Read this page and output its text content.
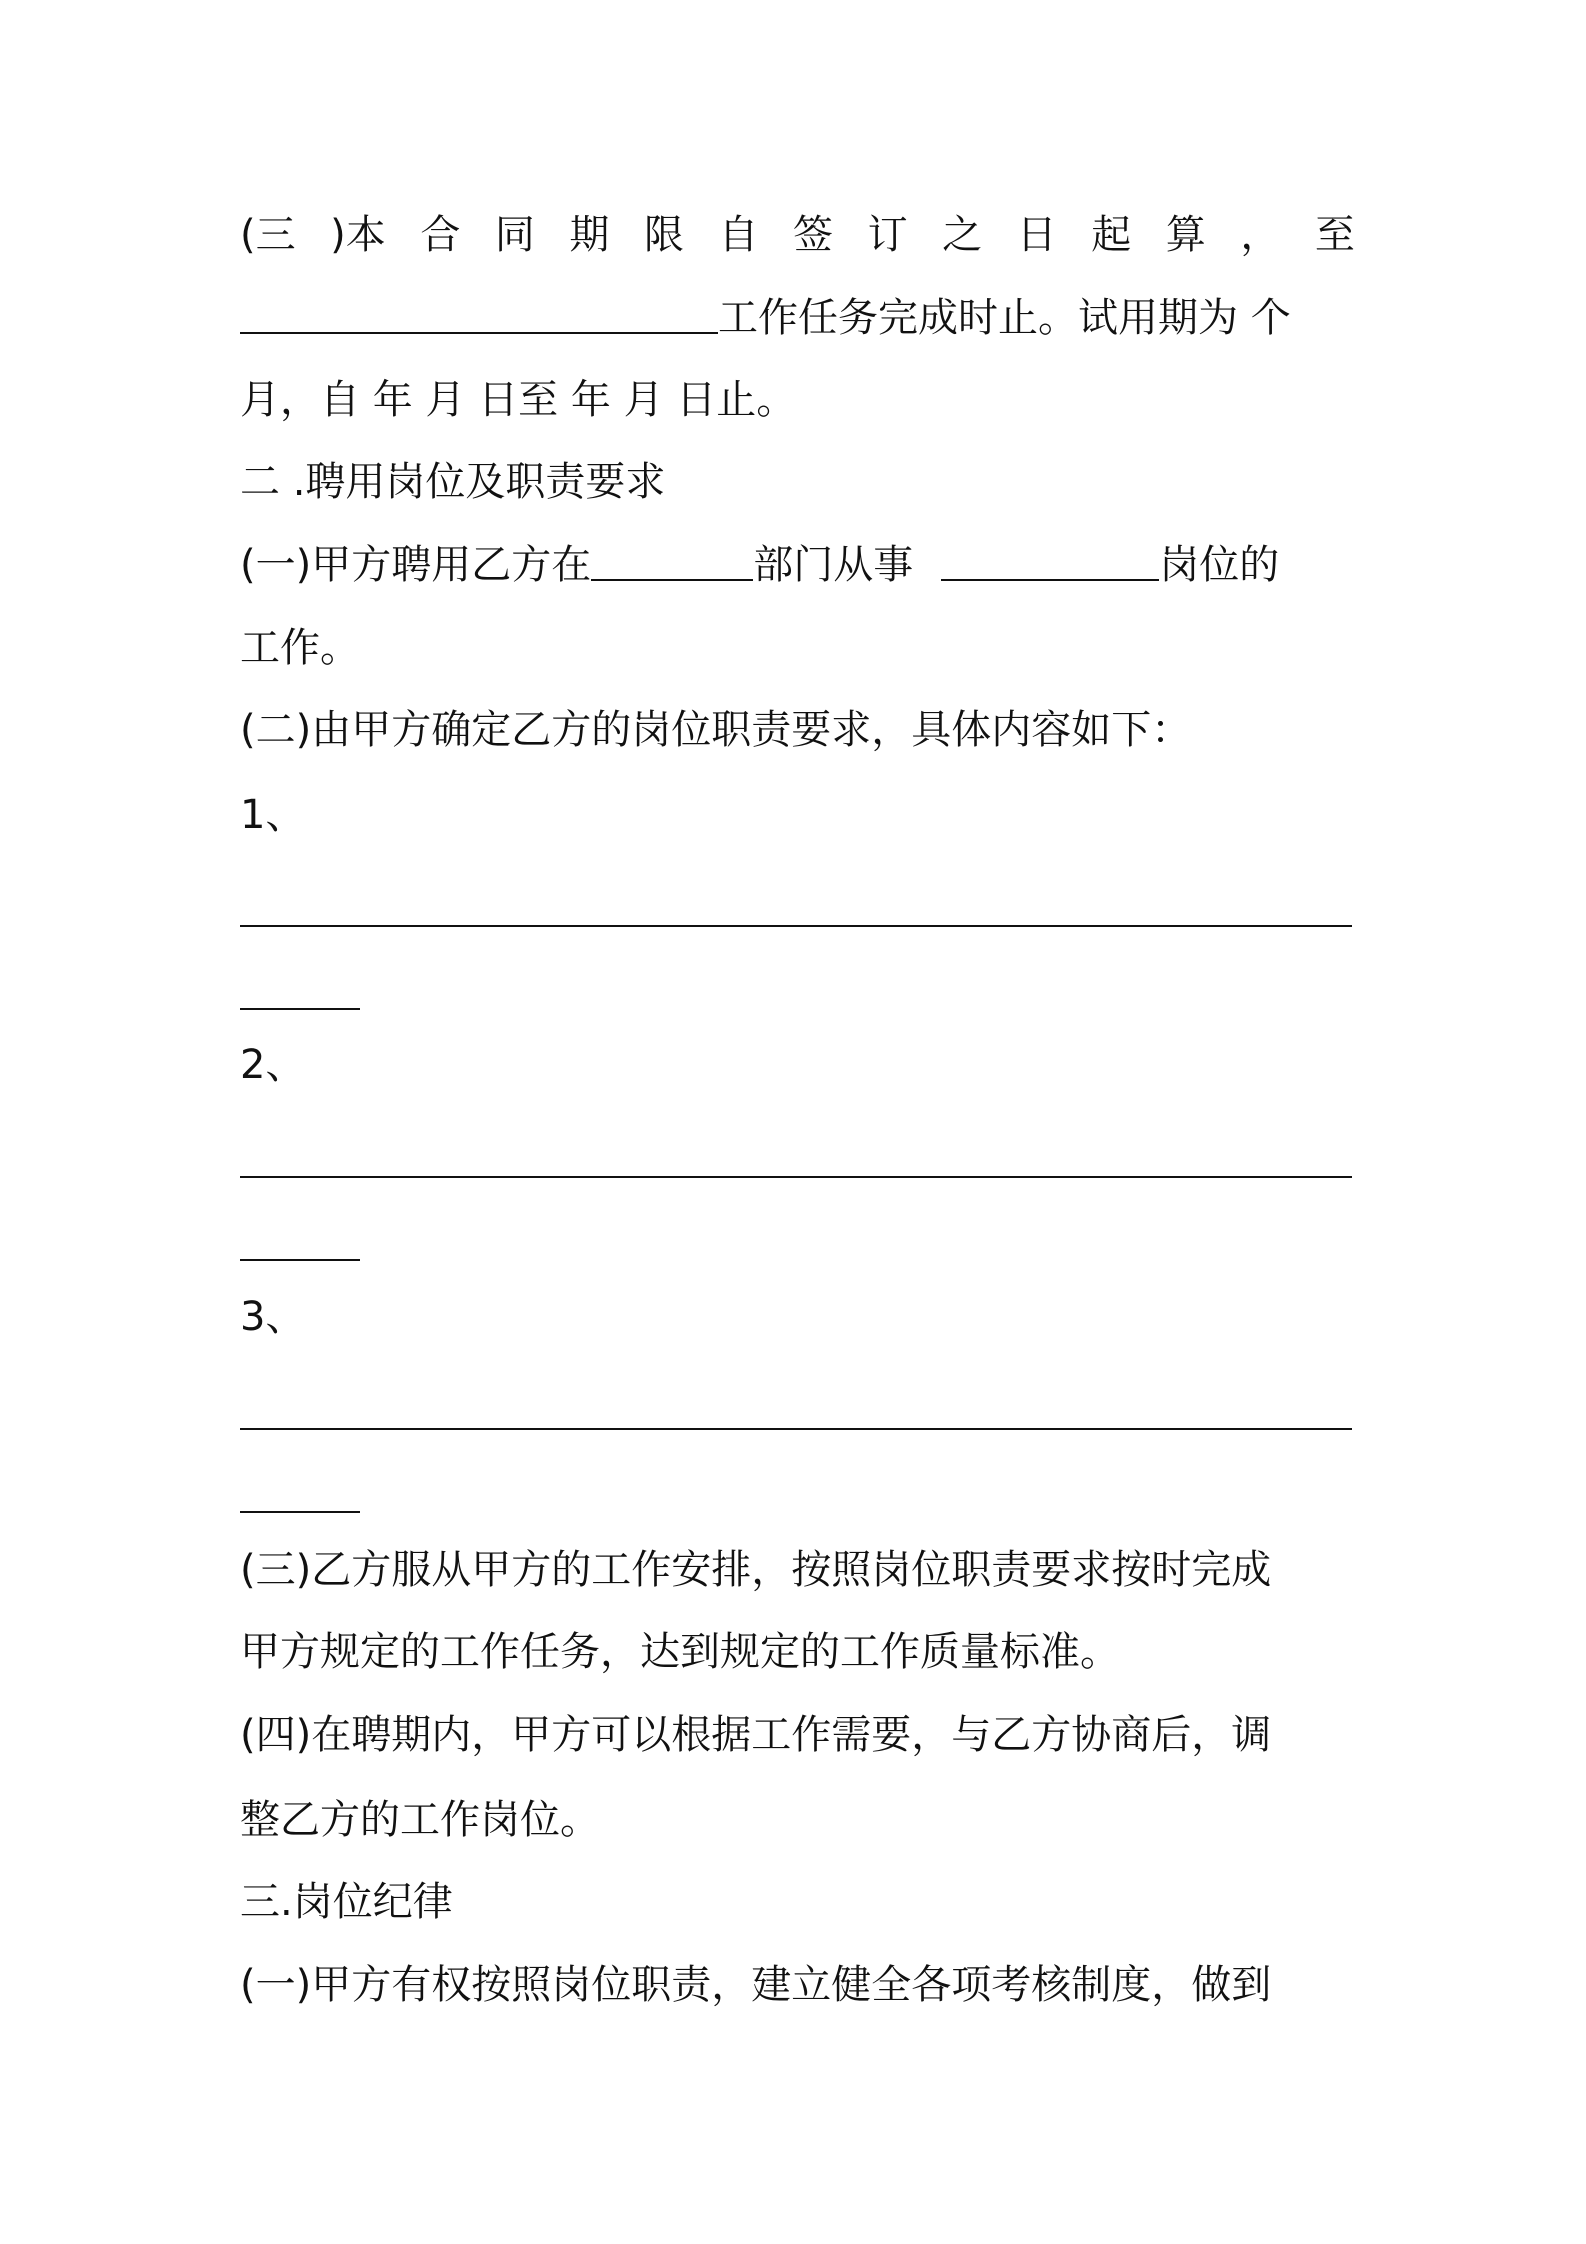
(三 )本 合 同 期 限 自 签 订 之 日 起 算 ， 至
工作任务完成时止。试用期为 个
月，自 年 月 日至 年 月 日止。
二 .聘用岗位及职责要求
(一)甲方聘用乙方在	部门从事	岗位的
工作。
(二)由甲方确定乙方的岗位职责要求，具体内容如下：
1、
2、
3、
(三)乙方服从甲方的工作安排，按照岗位职责要求按时完成
甲方规定的工作任务，达到规定的工作质量标准。
(四)在聘期内，甲方可以根据工作需要，与乙方协商后，调
整乙方的工作岗位。
三.岗位纪律
(一)甲方有权按照岗位职责，建立健全各项考核制度，做到
